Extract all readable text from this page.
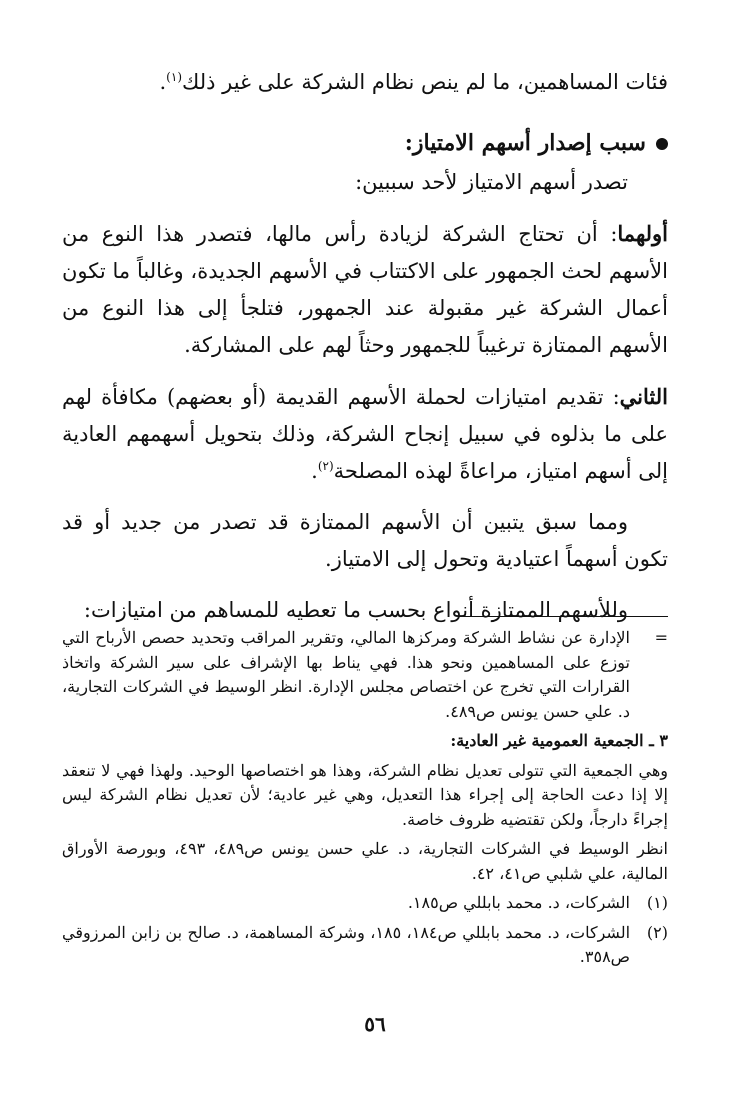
فئات المساهمين، ما لم ينص نظام الشركة على غير ذلك$^{(١)}$.

سبب إصدار أسهم الامتياز:

تصدر أسهم الامتياز لأحد سببين:

أولهما: أن تحتاج الشركة لزيادة رأس مالها، فتصدر هذا النوع من الأسهم لحث الجمهور على الاكتتاب في الأسهم الجديدة، وغالباً ما تكون أعمال الشركة غير مقبولة عند الجمهور، فتلجأ إلى هذا النوع من الأسهم الممتازة ترغيباً للجمهور وحثاً لهم على المشاركة.

الثاني: تقديم امتيازات لحملة الأسهم القديمة (أو بعضهم) مكافأة لهم على ما بذلوه في سبيل إنجاح الشركة، وذلك بتحويل أسهمهم العادية إلى أسهم امتياز، مراعاةً لهذه المصلحة$^{(٢)}$.

ومما سبق يتبين أن الأسهم الممتازة قد تصدر من جديد أو قد تكون أسهماً اعتيادية وتحول إلى الامتياز.

وللأسهم الممتازة أنواع بحسب ما تعطيه للمساهم من امتيازات:

=
الإدارة عن نشاط الشركة ومركزها المالي، وتقرير المراقب وتحديد حصص الأرباح التي توزع على المساهمين ونحو هذا. فهي يناط بها الإشراف على سير الشركة واتخاذ القرارات التي تخرج عن اختصاص مجلس الإدارة. انظر الوسيط في الشركات التجارية، د. علي حسن يونس ص٤٨٩.
٣ ـ الجمعية العمومية غير العادية:
وهي الجمعية التي تتولى تعديل نظام الشركة، وهذا هو اختصاصها الوحيد. ولهذا فهي لا تنعقد إلا إذا دعت الحاجة إلى إجراء هذا التعديل، وهي غير عادية؛ لأن تعديل نظام الشركة ليس إجراءً دارجاً، ولكن تقتضيه ظروف خاصة.
انظر الوسيط في الشركات التجارية، د. علي حسن يونس ص٤٨٩، ٤٩٣، وبورصة الأوراق المالية، علي شلبي ص٤١، ٤٢.
(١)
الشركات، د. محمد بابللي ص١٨٥.
(٢)
الشركات، د. محمد بابللي ص١٨٤، ١٨٥، وشركة المساهمة، د. صالح بن زابن المرزوقي ص٣٥٨.
٥٦
